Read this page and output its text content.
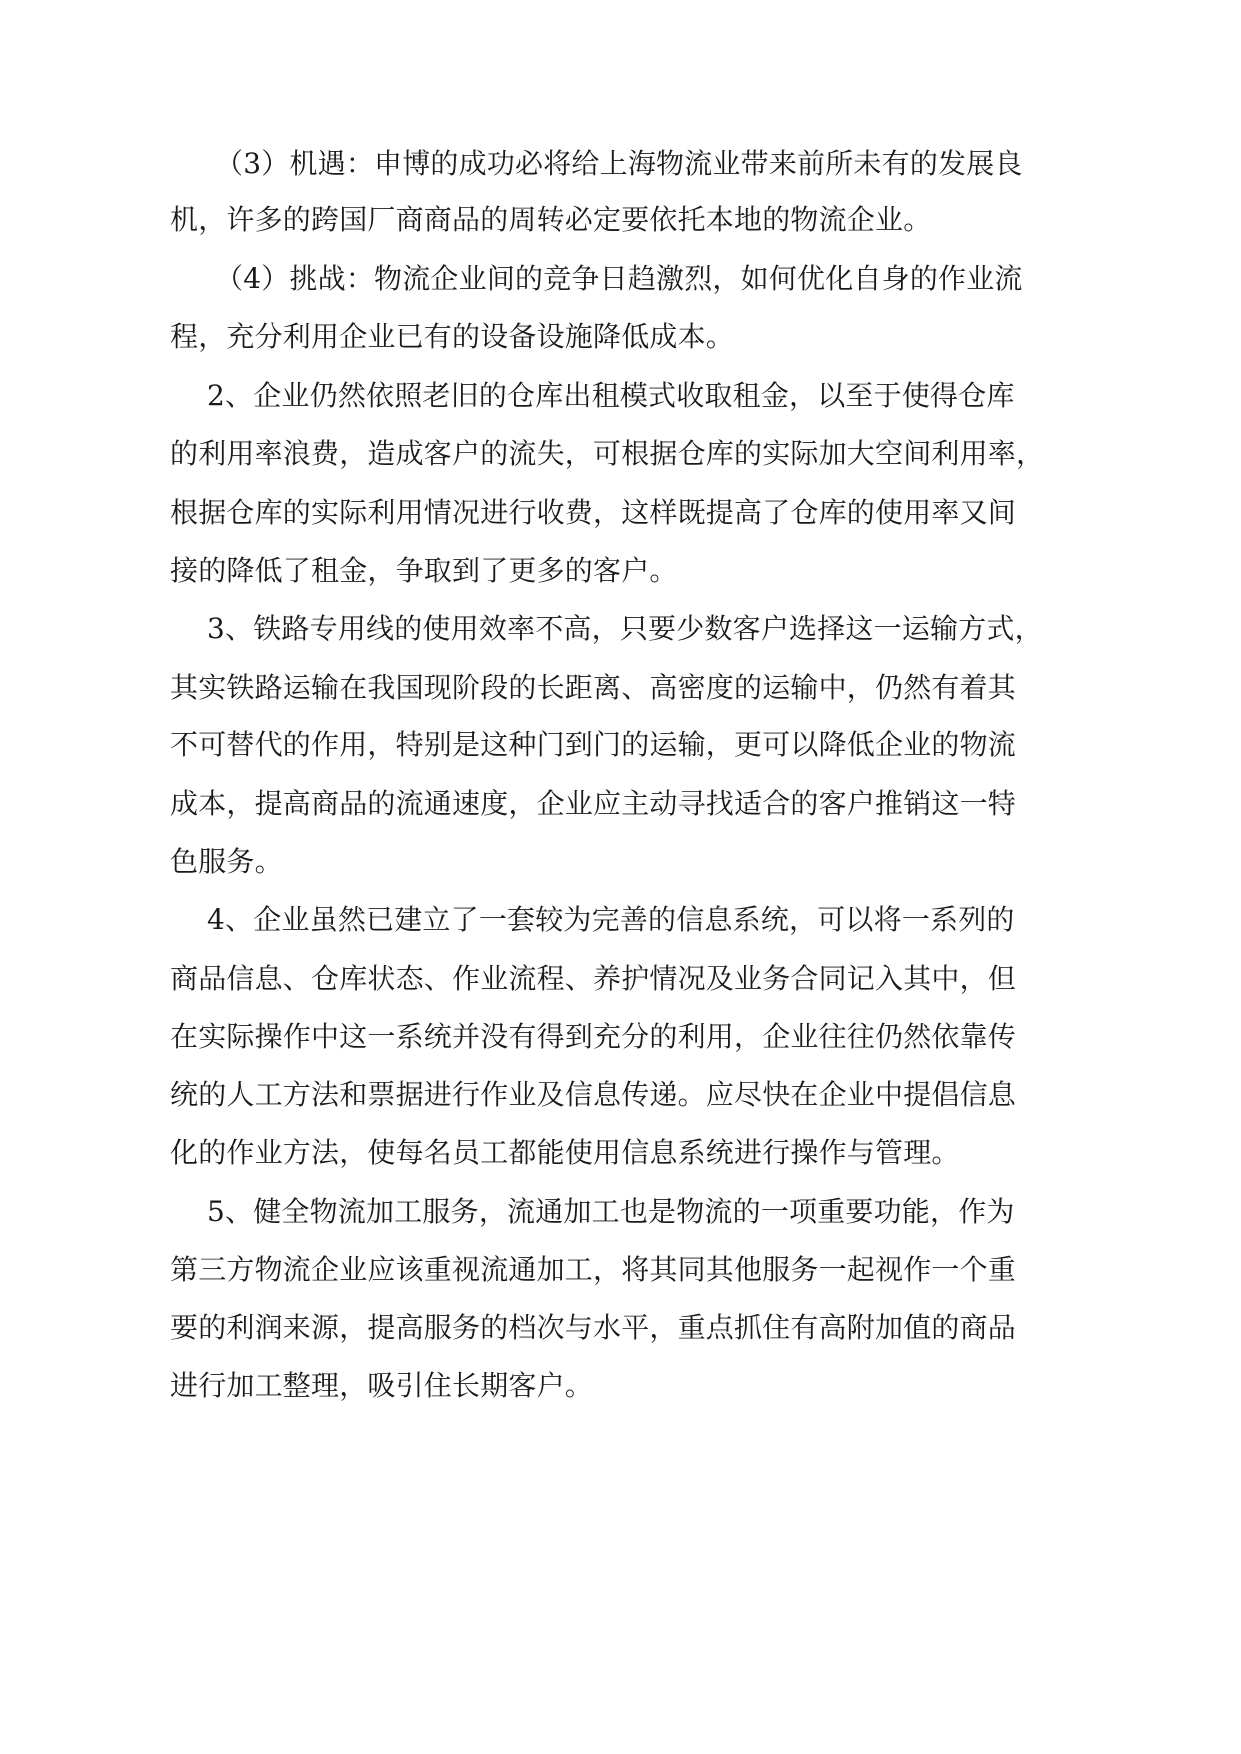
（3）机遇：申博的成功必将给上海物流业带来前所未有的发展良

机，许多的跨国厂商商品的周转必定要依托本地的物流企业。

（4）挑战：物流企业间的竞争日趋激烈，如何优化自身的作业流

程，充分利用企业已有的设备设施降低成本。

2、企业仍然依照老旧的仓库出租模式收取租金，以至于使得仓库

的利用率浪费，造成客户的流失，可根据仓库的实际加大空间利用率，

根据仓库的实际利用情况进行收费，这样既提高了仓库的使用率又间

接的降低了租金，争取到了更多的客户。

3、铁路专用线的使用效率不高，只要少数客户选择这一运输方式，

其实铁路运输在我国现阶段的长距离、高密度的运输中，仍然有着其

不可替代的作用，特别是这种门到门的运输，更可以降低企业的物流

成本，提高商品的流通速度，企业应主动寻找适合的客户推销这一特

色服务。

4、企业虽然已建立了一套较为完善的信息系统，可以将一系列的

商品信息、仓库状态、作业流程、养护情况及业务合同记入其中，但

在实际操作中这一系统并没有得到充分的利用，企业往往仍然依靠传

统的人工方法和票据进行作业及信息传递。应尽快在企业中提倡信息

化的作业方法，使每名员工都能使用信息系统进行操作与管理。

5、健全物流加工服务，流通加工也是物流的一项重要功能，作为

第三方物流企业应该重视流通加工，将其同其他服务一起视作一个重

要的利润来源，提高服务的档次与水平，重点抓住有高附加值的商品

进行加工整理，吸引住长期客户。
